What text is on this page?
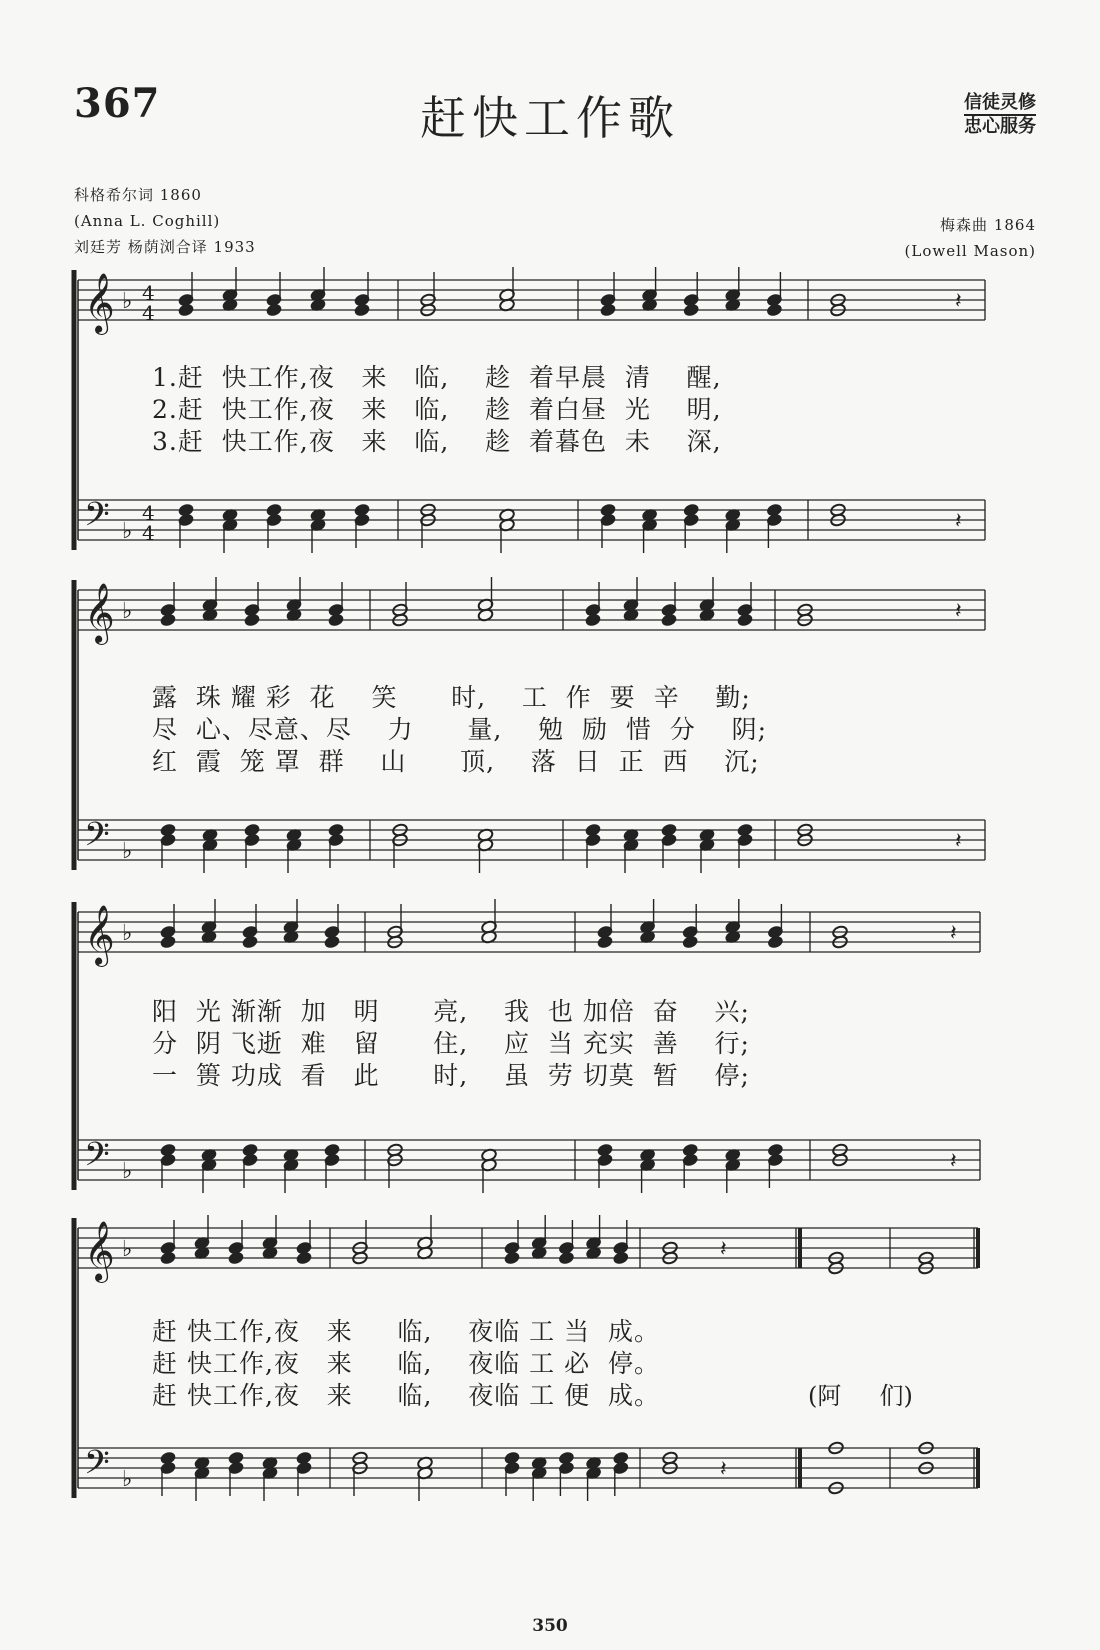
367	赶快工作歌	信徒灵修
忠心服务
科格希尔词 1860
(Anna L. Coghill)
刘廷芳 杨荫浏合译 1933
梅森曲 1864
(Lowell Mason)
𝄞
𝄢
♭
♭
4
4
4
4
𝄽
𝄽
𝄞
𝄢
♭
♭
𝄽
𝄽
𝄞
𝄢
♭
♭
𝄽
𝄽
𝄞
𝄢
♭
♭
𝄽
𝄽
1.赶  快工作,夜   来   临,    趁  着早晨  清    醒,
2.赶  快工作,夜   来   临,    趁  着白昼  光    明,
3.赶  快工作,夜   来   临,    趁  着暮色  未    深,
露  珠 耀 彩  花    笑      时,    工  作  要  辛    勤;
尽  心、尽意、尽    力      量,    勉  励  惜  分    阴;
红  霞  笼 罩  群    山      顶,    落  日  正  西    沉;
阳  光 渐渐  加   明      亮,    我  也 加倍  奋    兴;
分  阴 飞逝  难   留      住,    应  当 充实  善    行;
一  篑 功成  看   此      时,    虽  劳 切莫  暂    停;
赶 快工作,夜   来     临,    夜临 工 当  成。
赶 快工作,夜   来     临,    夜临 工 必  停。
赶 快工作,夜   来     临,    夜临 工 便  成。	(阿     们)
350
